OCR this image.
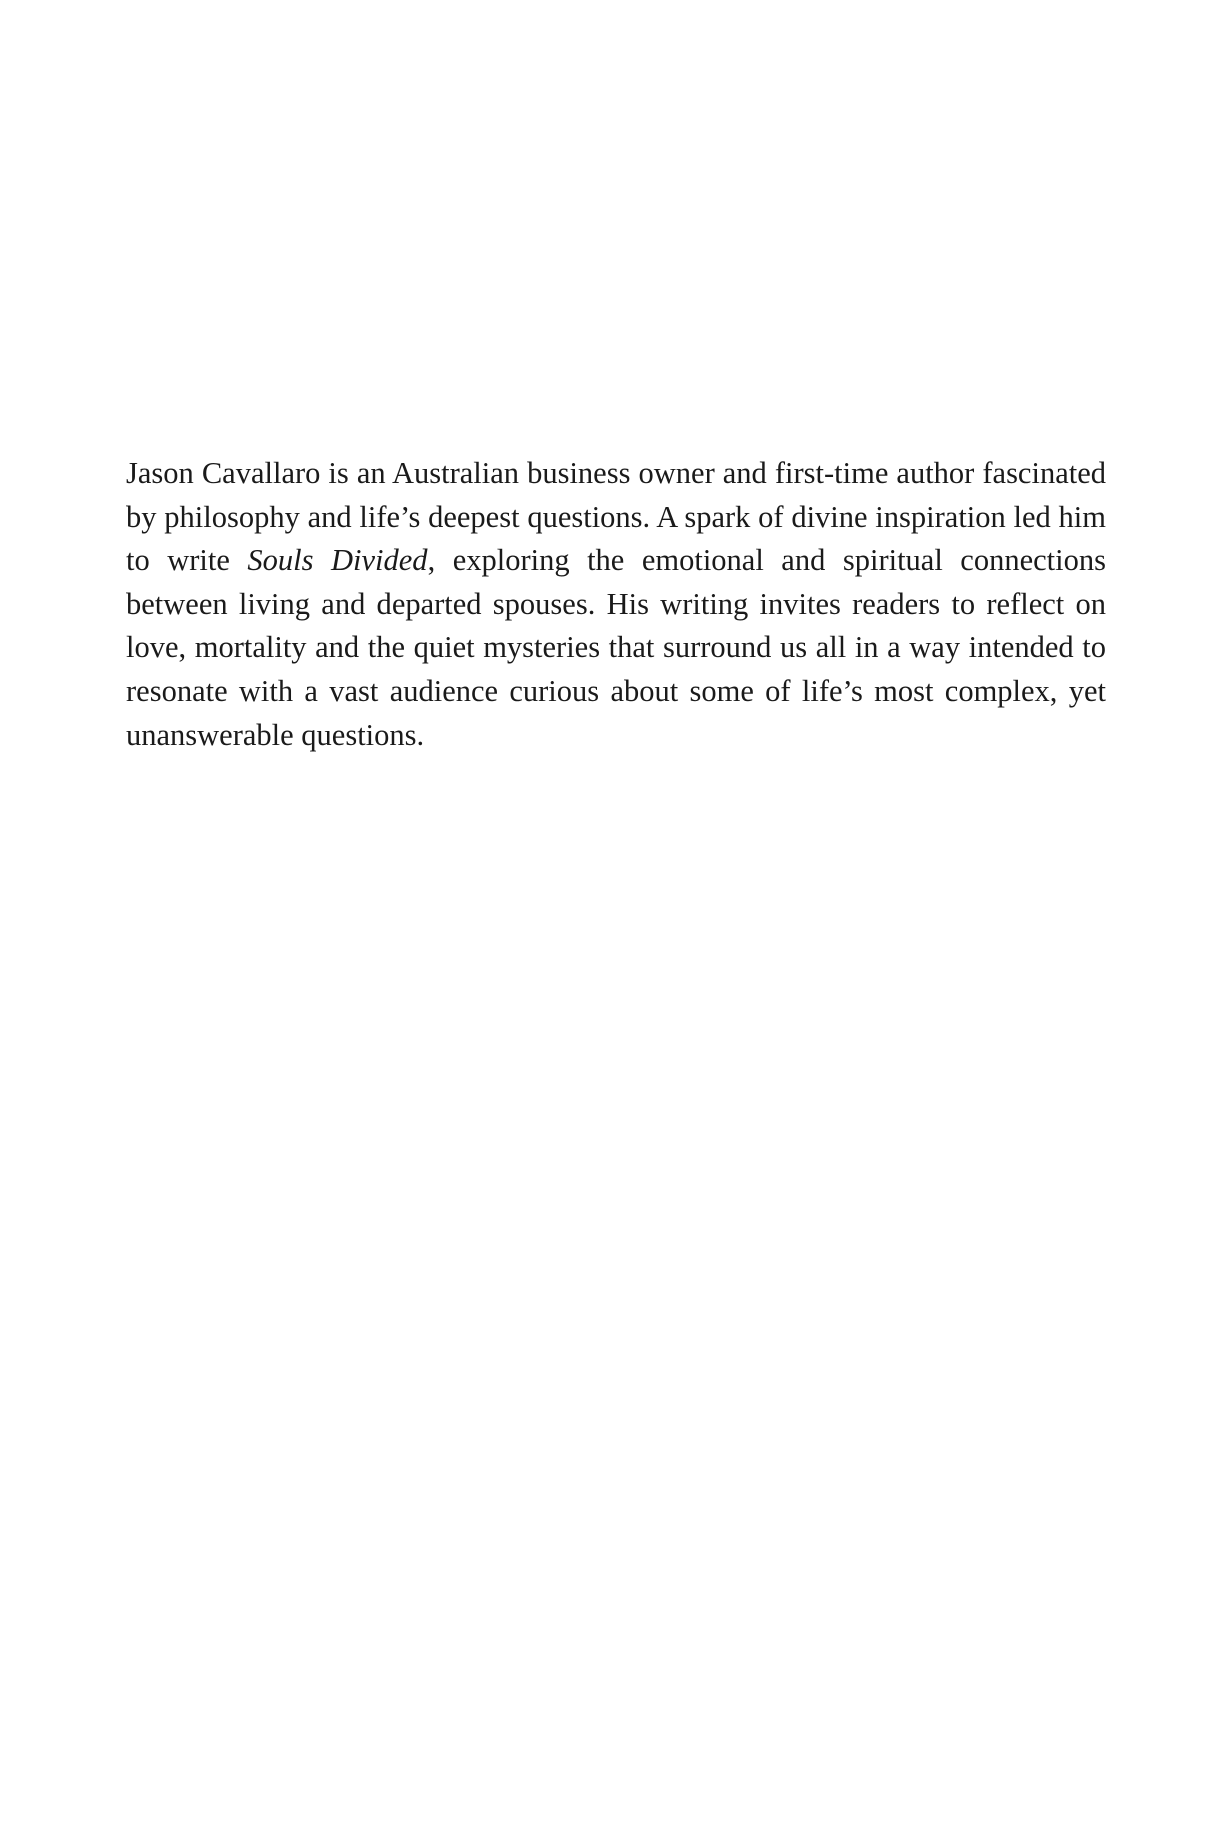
Jason Cavallaro is an Australian business owner and first-time author fascinated by philosophy and life’s deepest questions. A spark of divine inspiration led him to write Souls Divided, exploring the emotional and spiritual connections between living and departed spouses. His writing invites readers to reflect on love, mortality and the quiet mysteries that surround us all in a way intended to resonate with a vast audience curious about some of life’s most complex, yet unanswerable questions.
